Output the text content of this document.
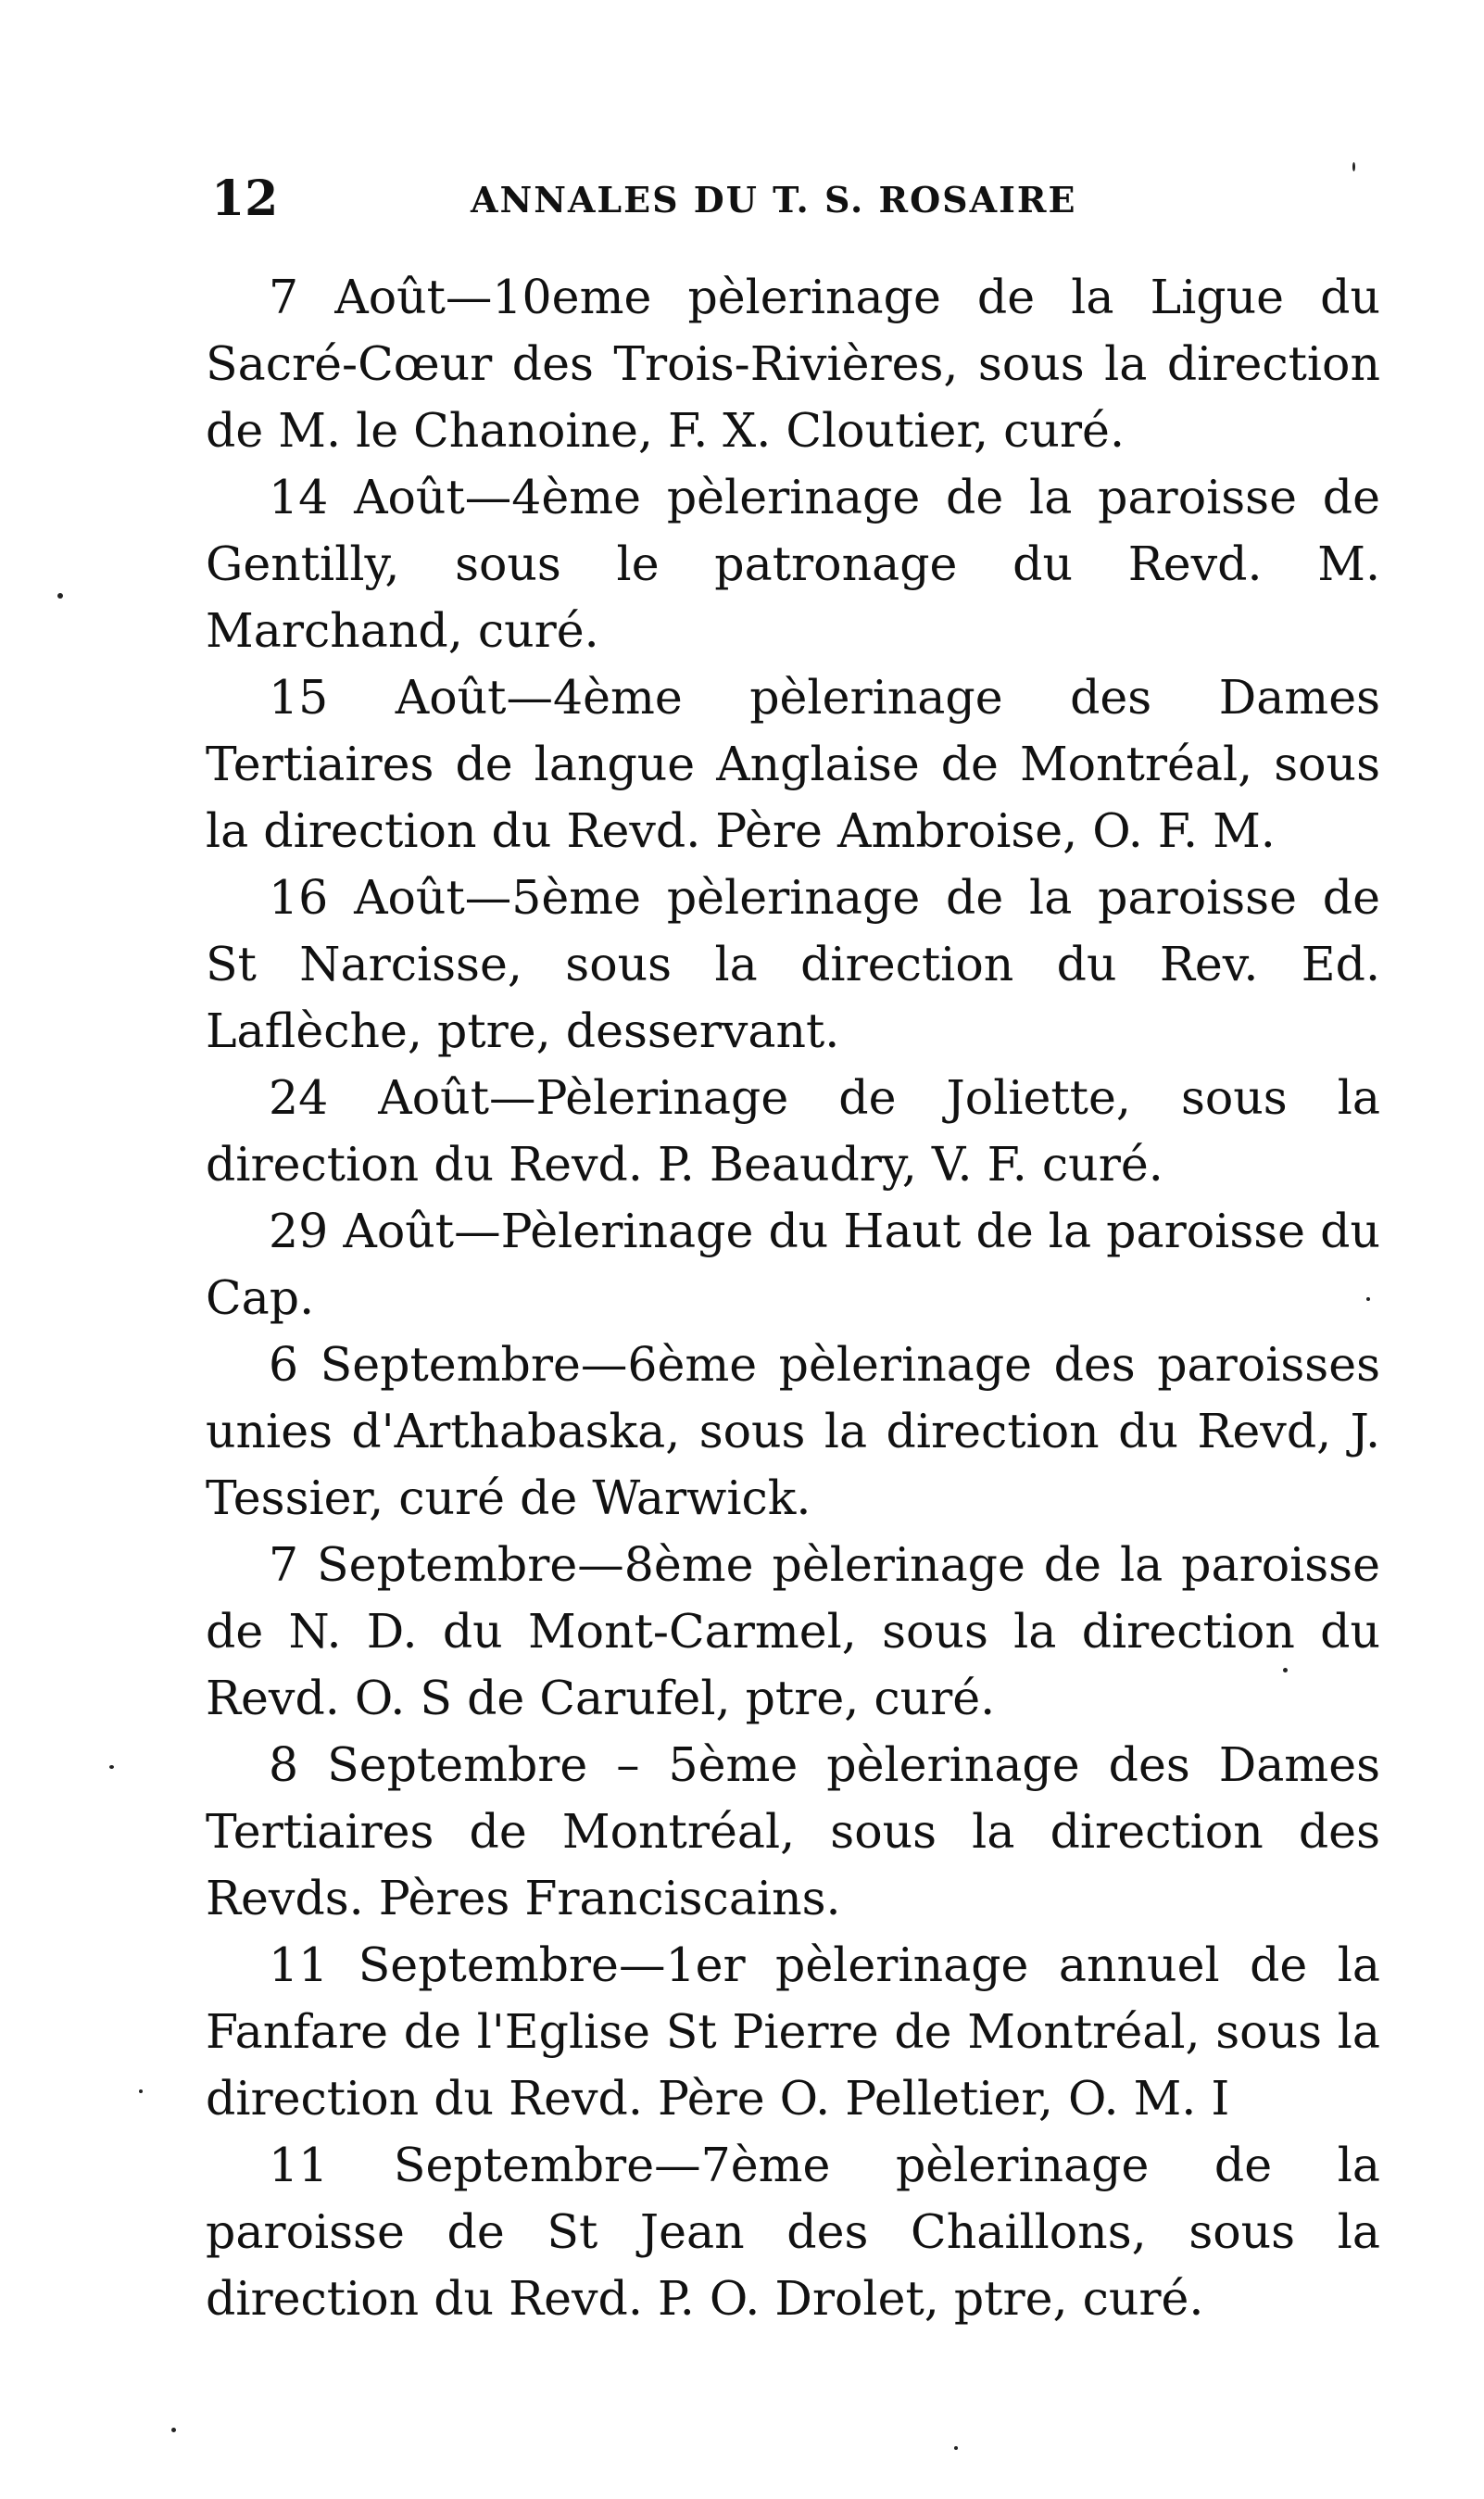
12	ANNALES DU T. S. ROSAIRE

7 Août—10eme pèlerinage de la Ligue du Sacré-Cœur des Trois-Rivières, sous la direction de M. le Chanoine, F. X. Cloutier, curé.

14 Août—4ème pèlerinage de la paroisse de Gentilly, sous le patronage du Revd. M. Marchand, curé.

15 Août—4ème pèlerinage des Dames Tertiaires de langue Anglaise de Montréal, sous la direction du Revd. Père Ambroise, O. F. M.

16 Août—5ème pèlerinage de la paroisse de St Narcisse, sous la direction du Rev. Ed. Laflèche, ptre, desservant.

24 Août—Pèlerinage de Joliette, sous la direction du Revd. P. Beaudry, V. F. curé.

29 Août—Pèlerinage du Haut de la paroisse du Cap.

6 Septembre—6ème pèlerinage des paroisses unies d'Arthabaska, sous la direction du Revd, J. Tessier, curé de Warwick.

7 Septembre—8ème pèlerinage de la paroisse de N. D. du Mont-Carmel, sous la direction du Revd. O. S de Carufel, ptre, curé.

8 Septembre – 5ème pèlerinage des Dames Tertiaires de Montréal, sous la direction des Revds. Pères Franciscains.

11 Septembre—1er pèlerinage annuel de la Fanfare de l'Eglise St Pierre de Montréal, sous la direction du Revd. Père O. Pelletier, O. M. I

11 Septembre—7ème pèlerinage de la paroisse de St Jean des Chaillons, sous la direction du Revd. P. O. Drolet, ptre, curé.
